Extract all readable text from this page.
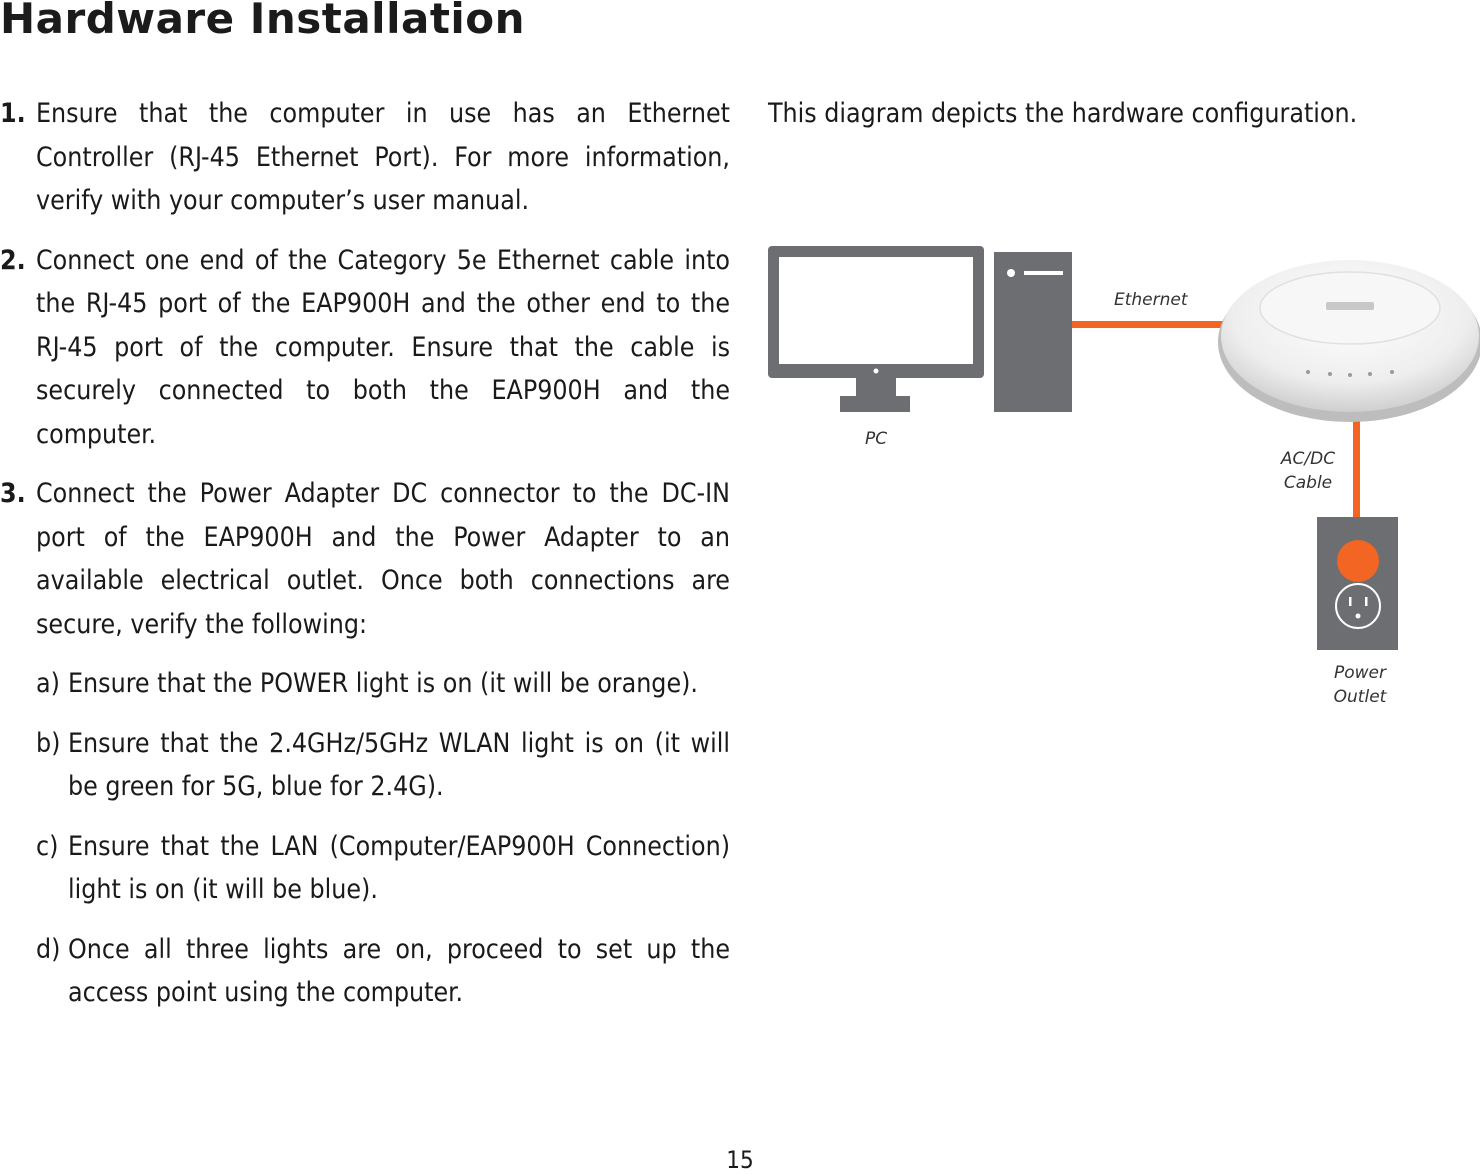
Hardware Installation
1. Ensure that the computer in use has an Ethernet Controller (RJ-45 Ethernet Port). For more information, verify with your computer’s user manual.
2. Connect one end of the Category 5e Ethernet cable into the RJ-45 port of the EAP900H and the other end to the RJ-45 port of the computer. Ensure that the cable is securely connected to both the EAP900H and the computer.
3. Connect the Power Adapter DC connector to the DC-IN port of the EAP900H and the Power Adapter to an available electrical outlet. Once both connections are secure, verify the following:
a) Ensure that the POWER light is on (it will be orange).
b) Ensure that the 2.4GHz/5GHz WLAN light is on (it will be green for 5G, blue for 2.4G).
c) Ensure that the LAN (Computer/EAP900H Connection) light is on (it will be blue).
d) Once all three lights are on, proceed to set up the access point using the computer.

This diagram depicts the hardware configuration.

Ethernet
PC
AC/DC
Cable
Power
Outlet
15
